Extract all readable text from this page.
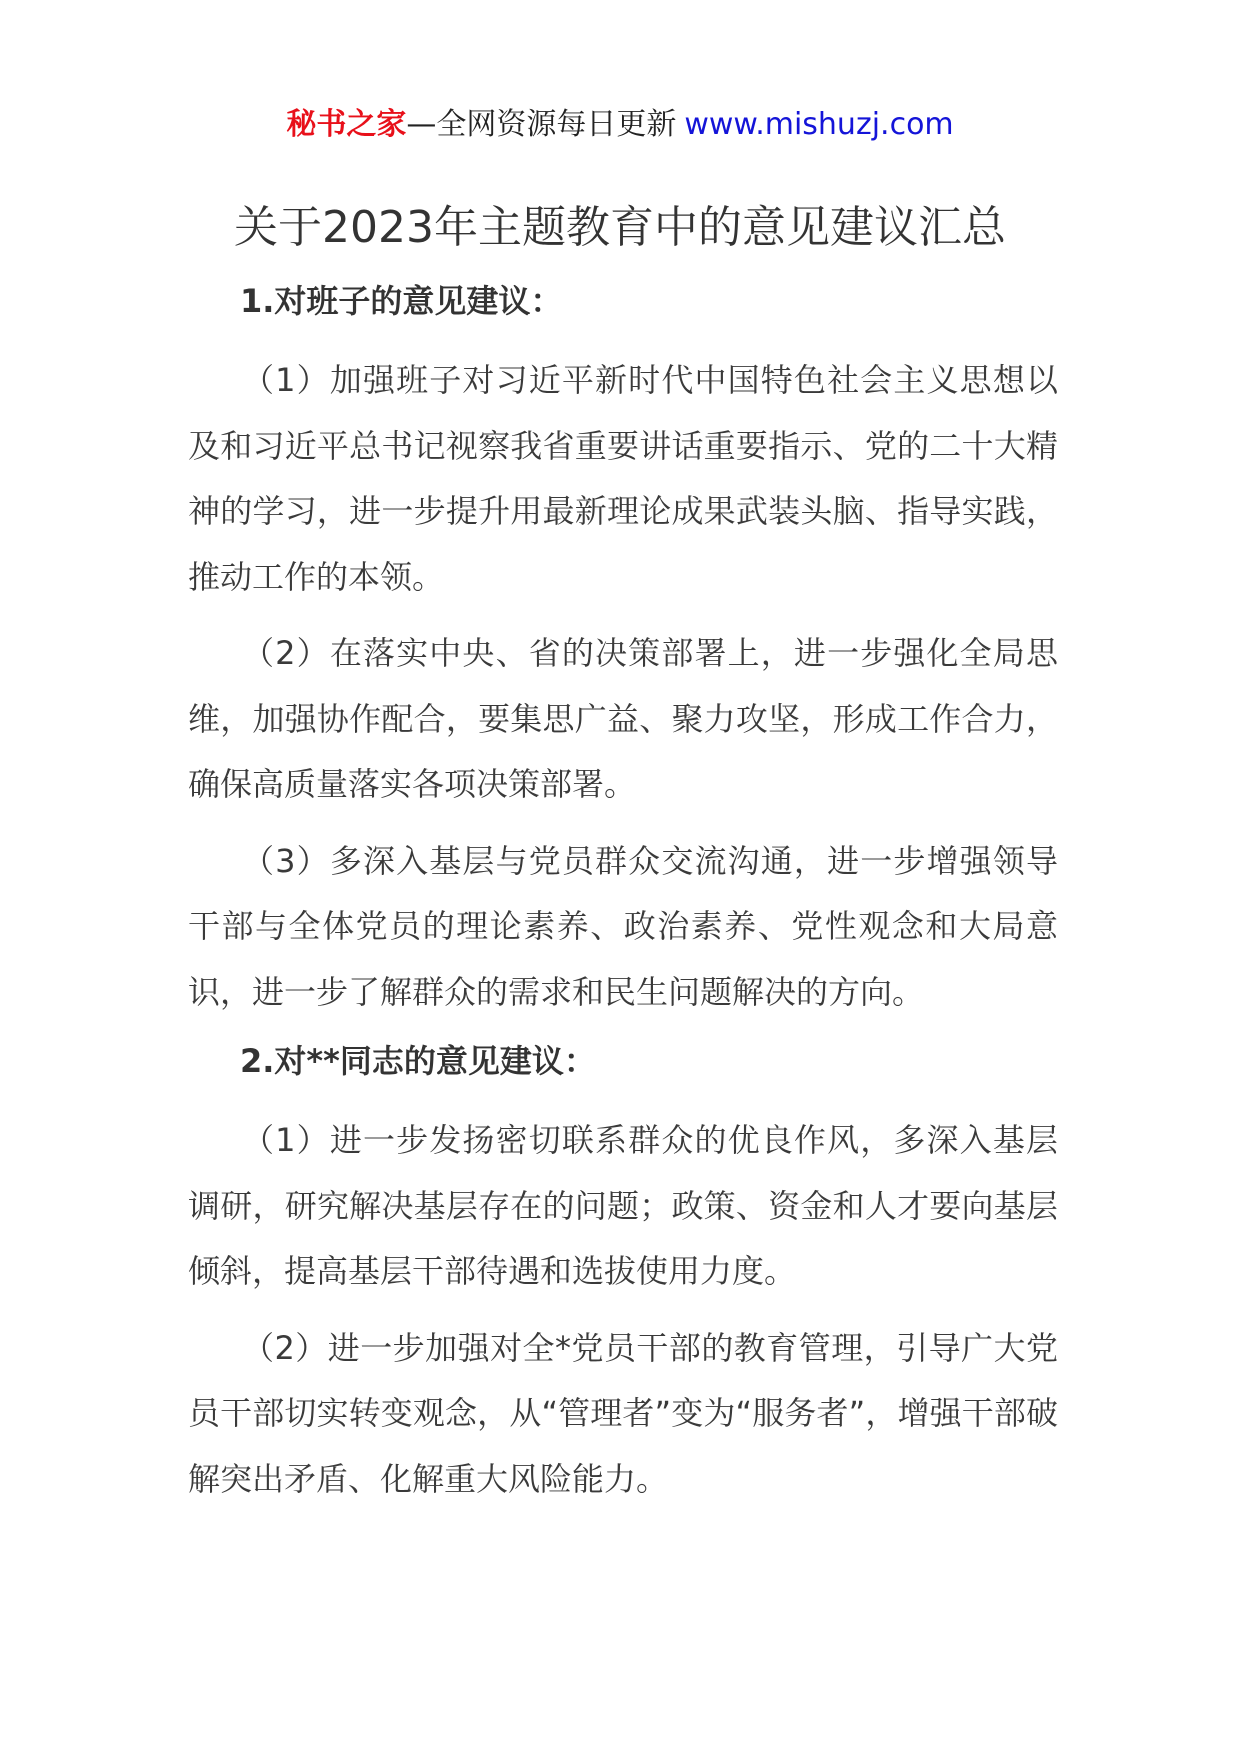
秘书之家—全网资源每日更新 www.mishuzj.com
关于2023年主题教育中的意见建议汇总
1.对班子的意见建议：

（1）加强班子对习近平新时代中国特色社会主义思想以及和习近平总书记视察我省重要讲话重要指示、党的二十大精神的学习，进一步提升用最新理论成果武装头脑、指导实践，推动工作的本领。

（2）在落实中央、省的决策部署上，进一步强化全局思维，加强协作配合，要集思广益、聚力攻坚，形成工作合力，确保高质量落实各项决策部署。

（3）多深入基层与党员群众交流沟通，进一步增强领导干部与全体党员的理论素养、政治素养、党性观念和大局意识，进一步了解群众的需求和民生问题解决的方向。

2.对**同志的意见建议：

（1）进一步发扬密切联系群众的优良作风，多深入基层调研，研究解决基层存在的问题；政策、资金和人才要向基层倾斜，提高基层干部待遇和选拔使用力度。

（2）进一步加强对全*党员干部的教育管理，引导广大党员干部切实转变观念，从“管理者”变为“服务者”，增强干部破解突出矛盾、化解重大风险能力。
